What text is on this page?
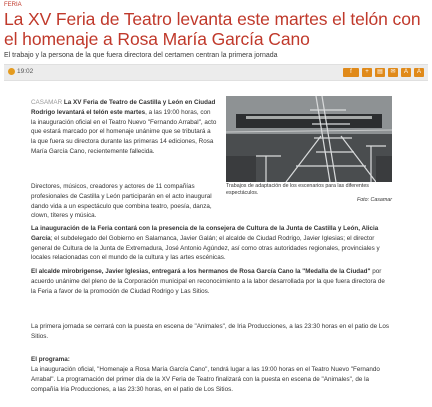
FERIA
La XV Feria de Teatro levanta este martes el telón con el homenaje a Rosa María García Cano
El trabajo y la persona de la que fuera directora del certamen centran la primera jornada
19:02	f	+	▤	✉	A	A
Trabajos de adaptación de los escenarios para las diferentes espectáculos.
Foto: Casamar

CASAMAR La XV Feria de Teatro de Castilla y León en Ciudad Rodrigo levantará el telón este martes, a las 19:00 horas, con la inauguración oficial en el Teatro Nuevo "Fernando Arrabal", acto que estará marcado por el homenaje unánime que se tributará a la que fuera su directora durante las primeras 14 ediciones, Rosa María García Cano, recientemente fallecida.

Directores, músicos, creadores y actores de 11 compañías profesionales de Castilla y León participarán en el acto inaugural dando vida a un espectáculo que combina teatro, poesía, danza, clown, títeres y música.

La inauguración de la Feria contará con la presencia de la consejera de Cultura de la Junta de Castilla y León, Alicia García; el subdelegado del Gobierno en Salamanca, Javier Galán; el alcalde de Ciudad Rodrigo, Javier Iglesias; el director general de Cultura de la Junta de Extremadura, José Antonio Agúndez, así como otras autoridades regionales, provinciales y locales relacionadas con el mundo de la cultura y las artes escénicas.

El alcalde mirobrigense, Javier Iglesias, entregará a los hermanos de Rosa García Cano la "Medalla de la Ciudad" por acuerdo unánime del pleno de la Corporación municipal en reconocimiento a la labor desarrollada por la que fuera directora de la Feria a favor de la promoción de Ciudad Rodrigo y Las Sitios.

La primera jornada se cerrará con la puesta en escena de "Animales", de Iria Producciones, a las 23:30 horas en el patio de Los Sitios.

El programa:

La inauguración oficial, "Homenaje a Rosa María García Cano", tendrá lugar a las 19:00 horas en el Teatro Nuevo "Fernando Arrabal". La programación del primer día de la XV Feria de Teatro finalizará con la puesta en escena de "Animales", de la compañía Iria Producciones, a las 23:30 horas, en el patio de Los Sitios.
